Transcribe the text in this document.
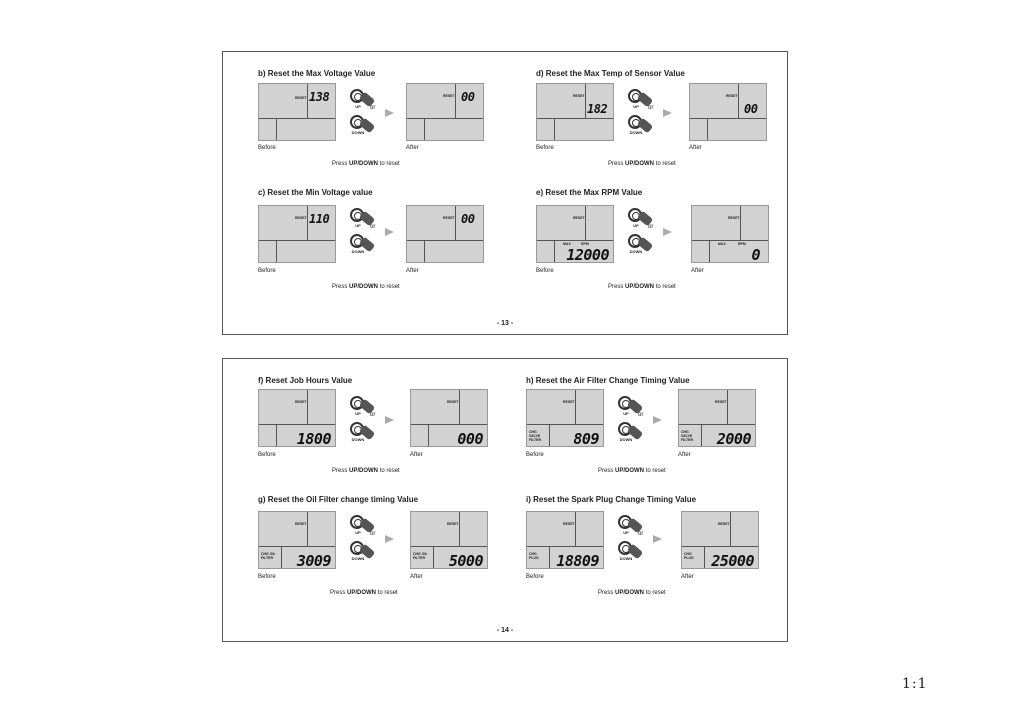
b) Reset the Max Voltage Value
RESET 138
UP	or
DOWN
RESET 00
Before	After
Press UP/DOWN to reset
d) Reset the Max Temp of Sensor Value
RESET
182	UP	or
DOWN
RESET
00
Before	After
Press UP/DOWN to reset
c) Reset the Min Voltage value
RESET 110	UP	or
DOWN
RESET 00
Before	After
Press UP/DOWN to reset
e) Reset the Max RPM Value
RESET
MAX	RPM
12000
UP	or
DOWN
RESET
MAX	RPM
0
Before	After
Press UP/DOWN to reset
- 13 -
f) Reset Job Hours Value
RESET
1800
UP	or
DOWN
RESET
000
Before	After
Press UP/DOWN to reset
h) Reset the Air Filter Change Timing Value
RESET
CHG VALVE FILTER	809
UP	or
DOWN
RESET
CHG VALVE FILTER	2000
Before	After
Press UP/DOWN to reset
g) Reset the Oil Filter change timing Value
RESET
CHG OIL FILTER	3009
UP	or
DOWN
RESET
CHG OIL FILTER	5000
Before	After
Press UP/DOWN to reset
i) Reset the Spark Plug Change Timing Value
RESET
CHG PLUG	18809
UP	or
DOWN
RESET
CHG PLUG	25000
Before	After
Press UP/DOWN to reset
- 14 -
1:1
